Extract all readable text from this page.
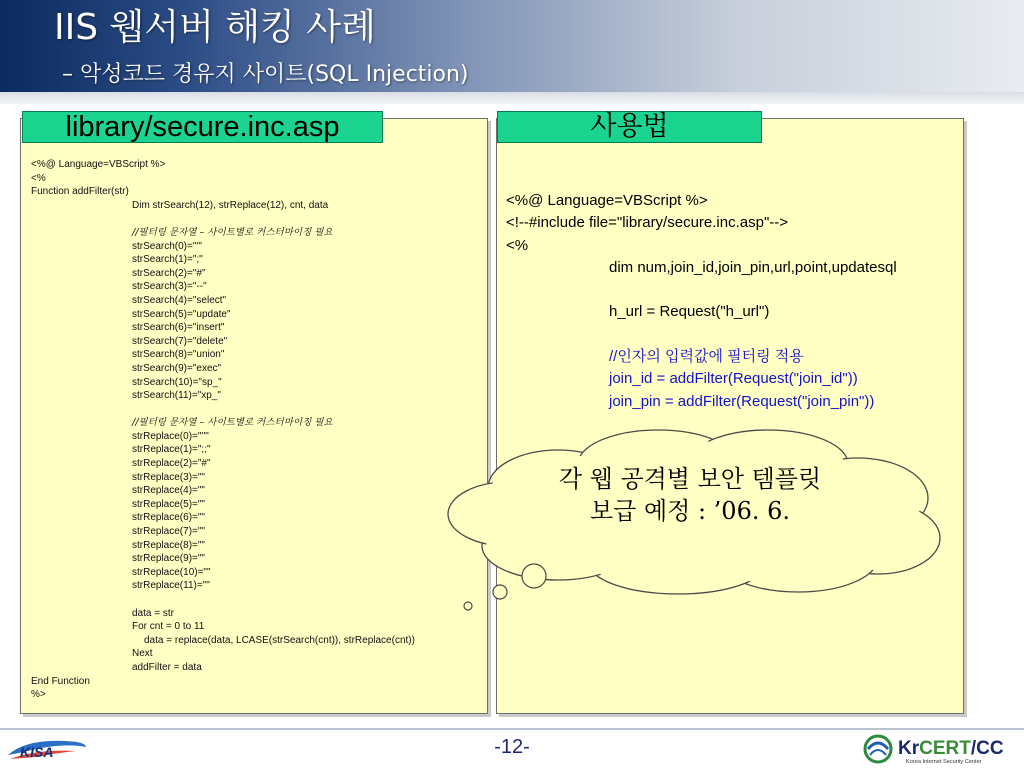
IIS 웹서버 해킹 사례
– 악성코드 경유지 사이트(SQL Injection)
library/secure.inc.asp	사용법
<%@ Language=VBScript %>
<%
Function addFilter(str)
Dim strSearch(12), strReplace(12), cnt, data
//필터링 문자열 – 사이트별로 커스터마이징 필요
strSearch(0)="'"
strSearch(1)=";"
strSearch(2)="#"
strSearch(3)="--"
strSearch(4)="select"
strSearch(5)="update"
strSearch(6)="insert"
strSearch(7)="delete"
strSearch(8)="union"
strSearch(9)="exec"
strSearch(10)="sp_"
strSearch(11)="xp_"
//필터링 문자열 – 사이트별로 커스터마이징 필요
strReplace(0)="''"
strReplace(1)=";;"
strReplace(2)="#"
strReplace(3)=""
strReplace(4)=""
strReplace(5)=""
strReplace(6)=""
strReplace(7)=""
strReplace(8)=""
strReplace(9)=""
strReplace(10)=""
strReplace(11)=""
data = str
For cnt = 0 to 11
data = replace(data, LCASE(strSearch(cnt)), strReplace(cnt))
Next
addFilter = data
End Function
%>
<%@ Language=VBScript %>
<!--#include file="library/secure.inc.asp"-->
<%
dim num,join_id,join_pin,url,point,updatesql
h_url = Request("h_url")
//인자의 입력값에 필터링 적용
join_id = addFilter(Request("join_id"))
join_pin = addFilter(Request("join_pin"))
각 웹 공격별 보안 템플릿
보급 예정 : ’06. 6.
KISA	-12-	KrCERT/CC
Korea Internet Security Center
